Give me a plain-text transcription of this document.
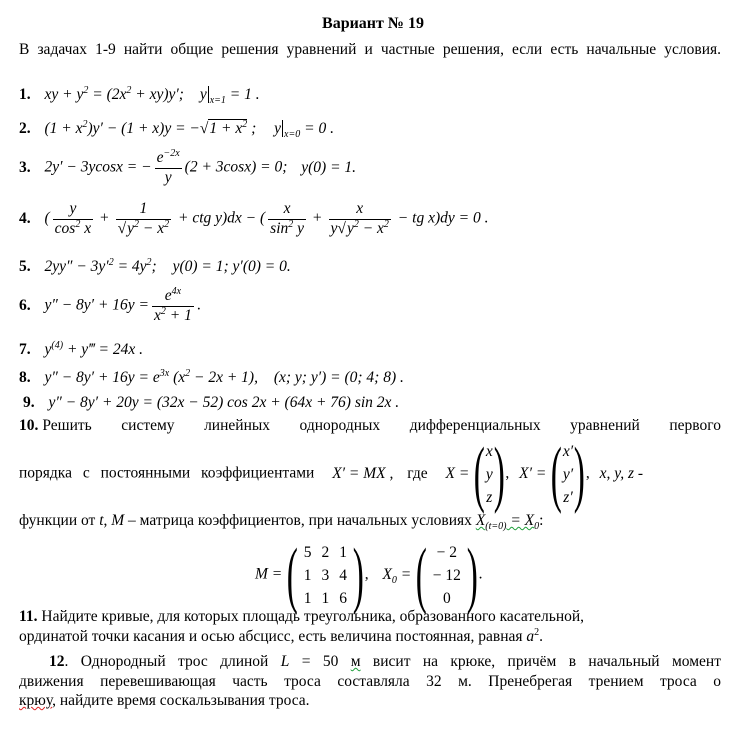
Вариант № 19
В задачах 1-9 найти общие решения уравнений и частные решения, если есть начальные условия.
1. xy + $y^2 = (2x^2 + xy)y'$; y $_{x=1}$ = 1 .
2. $(1 + x^2)y' - (1 + x)y = -√1 + x^2$ ; y $_{x=0}$ = 0 .
3. 2y′ − 3ycosx = − $\frac{e^{-2x}}{y} (2 + 3\cos x) = 0$; y(0) = 1.
4. ( $\frac{y}{\cos^2 x} + \frac{1}{√y^2 - x^2}$ + ctg y)dx − ( $\frac{x}{\sin^2 y} + \frac{x}{y√y^2 - x^2}$ − tg x)dy = 0 .
5. $2yy'' - 3y'^2 = 4y^2$; y(0) = 1; y′(0) = 0.
6. $y'' - 8y' + 16y = \frac{e^{4x}}{x^2 + 1}$ .
7. $y^{(4)}$ + y‴ = 24x .
8. $y'' - 8y' + 16y = e^{3x}$ $(x^2 - 2x + 1)$, (x; y; y′) = (0; 4; 8) .
9. y″ − 8y′ + 20y = (32x − 52) cos 2x + (64x + 76) sin 2x .
10. Решить систему линейных однородных дифференциальных уравнений первого
порядка с постоянными коэффициентами X′ = MX , где X = ( x
y
z ), X′ = ( x′
y′
z′ ), x, y, z -
функции от t, M – матрица коэффициентов, при начальных условиях $X_{(t=0)} = X_0$:
M = ( 5	2	1
1	3	4
1	1	6 ), $X_0$ = ( − 2
− 12
0 ).
11. Найдите кривые, для которых площадь треугольника, образованного касательной,
ординатой точки касания и осью абсцисс, есть величина постоянная, равная $a^2$.
12. Однородный трос длиной L = 50 м висит на крюке, причём в начальный момент
движения перевешивающая часть троса составляла 32 м. Пренебрегая трением троса о
крюу, найдите время соскальзывания троса.
